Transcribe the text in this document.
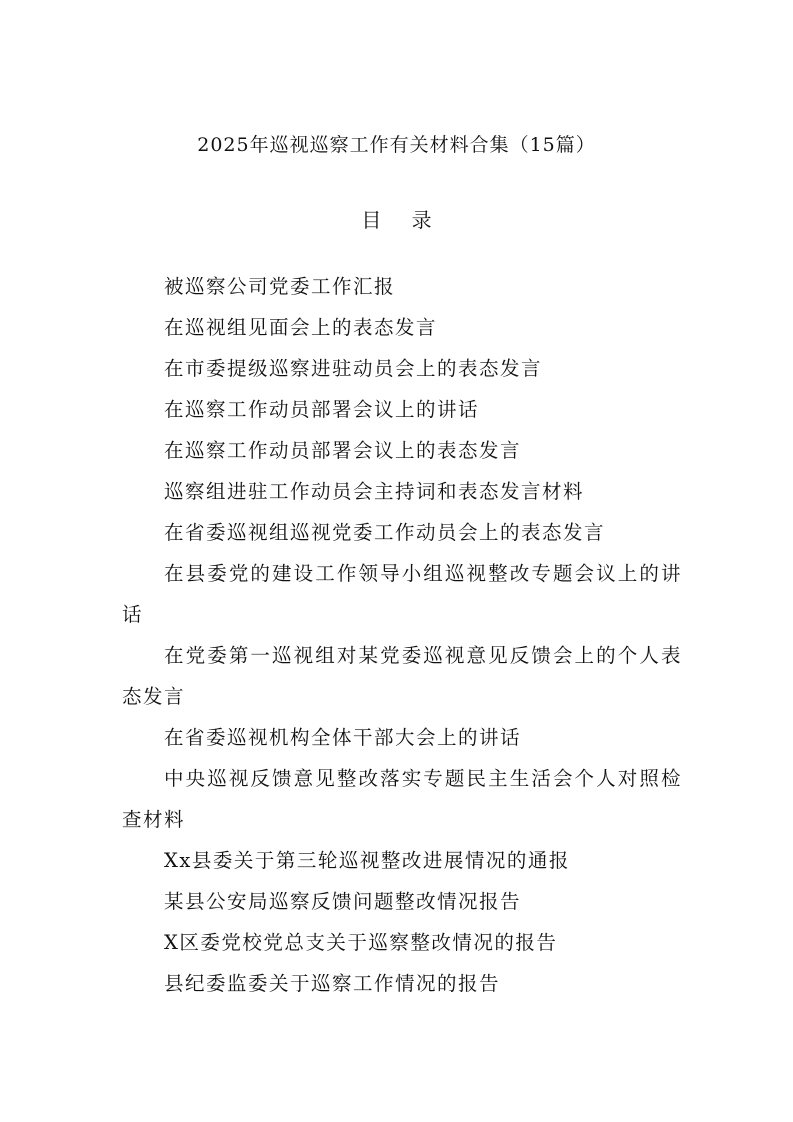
2025年巡视巡察工作有关材料合集（15篇）
目 录
被巡察公司党委工作汇报
在巡视组见面会上的表态发言
在市委提级巡察进驻动员会上的表态发言
在巡察工作动员部署会议上的讲话
在巡察工作动员部署会议上的表态发言
巡察组进驻工作动员会主持词和表态发言材料
在省委巡视组巡视党委工作动员会上的表态发言
在县委党的建设工作领导小组巡视整改专题会议上的讲话
在党委第一巡视组对某党委巡视意见反馈会上的个人表态发言
在省委巡视机构全体干部大会上的讲话
中央巡视反馈意见整改落实专题民主生活会个人对照检查材料
Xx县委关于第三轮巡视整改进展情况的通报
某县公安局巡察反馈问题整改情况报告
X区委党校党总支关于巡察整改情况的报告
县纪委监委关于巡察工作情况的报告
